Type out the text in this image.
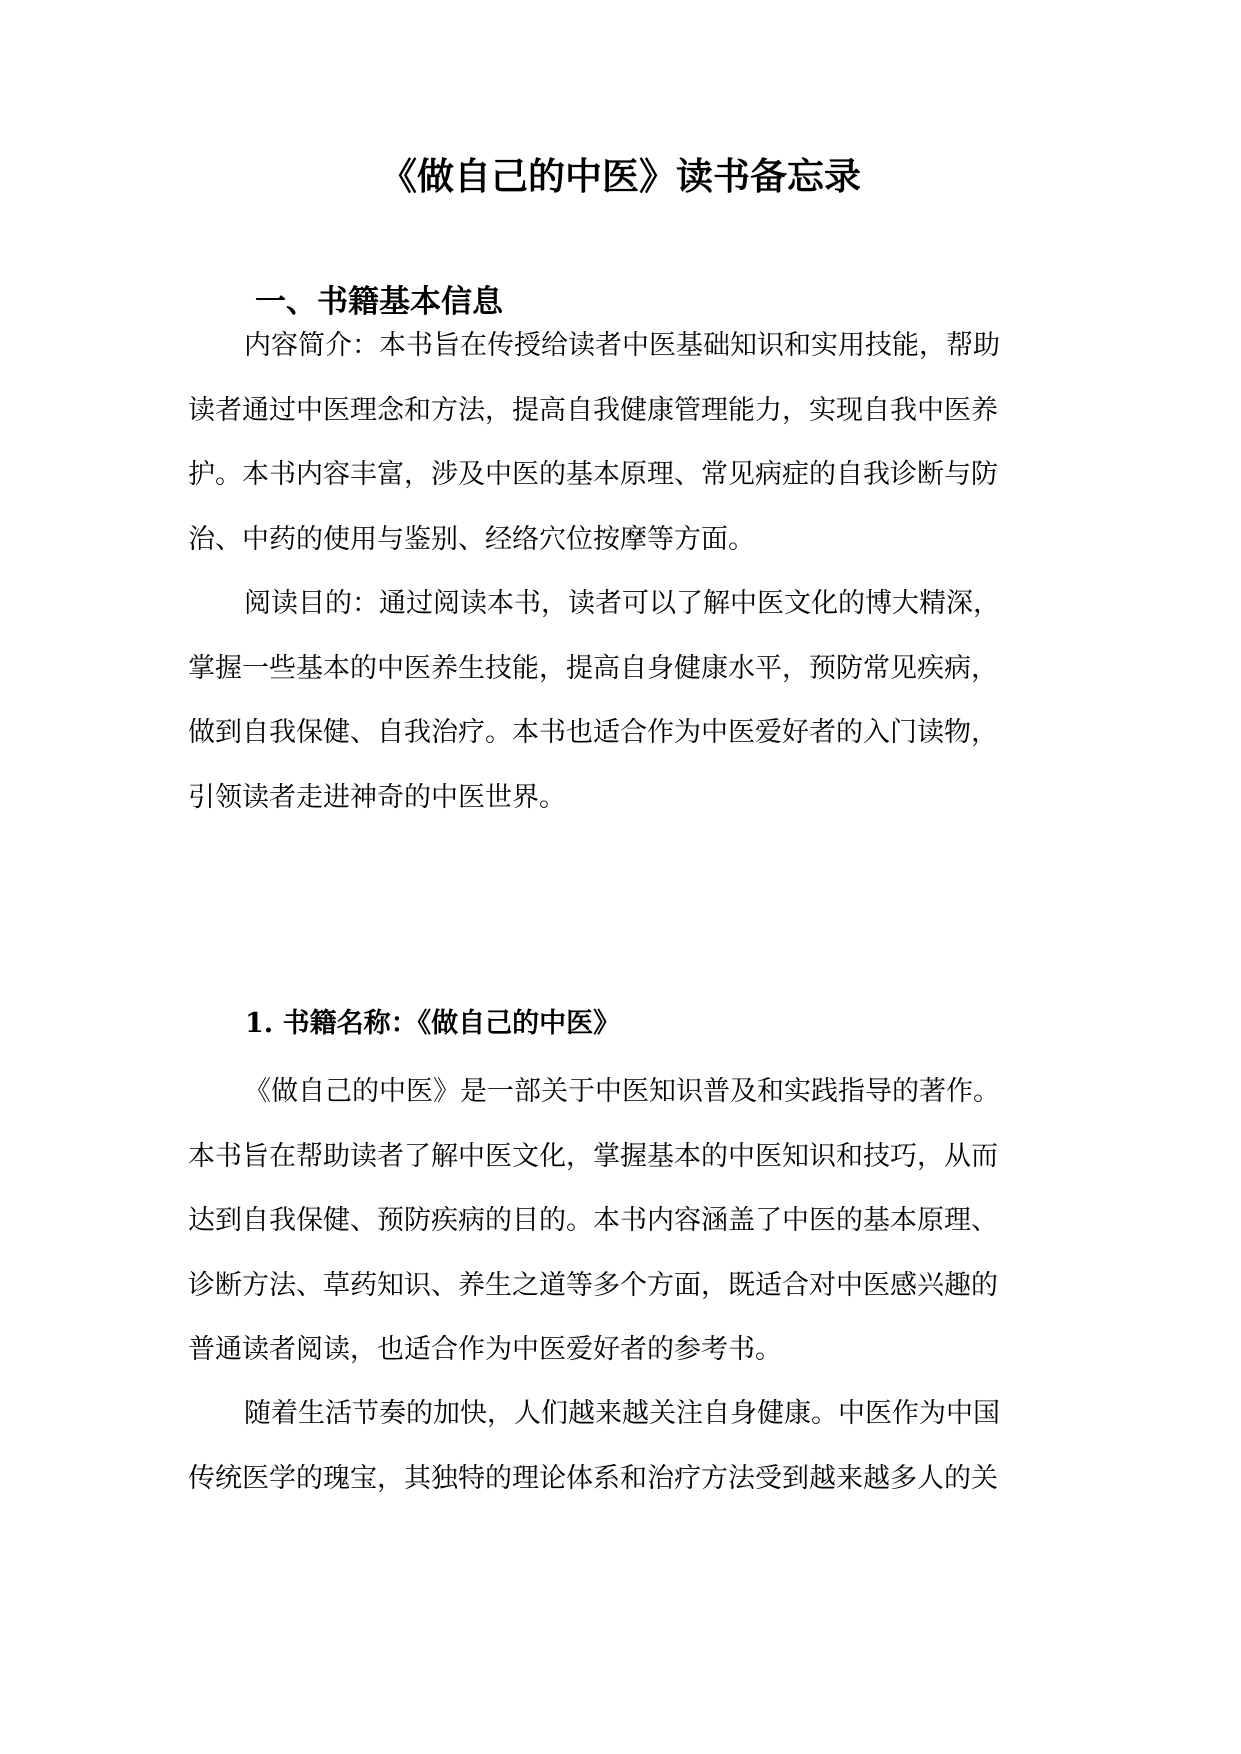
《做自己的中医》读书备忘录
一、书籍基本信息
内容简介：本书旨在传授给读者中医基础知识和实用技能，帮助
读者通过中医理念和方法，提高自我健康管理能力，实现自我中医养
护。本书内容丰富，涉及中医的基本原理、常见病症的自我诊断与防
治、中药的使用与鉴别、经络穴位按摩等方面。
阅读目的：通过阅读本书，读者可以了解中医文化的博大精深，
掌握一些基本的中医养生技能，提高自身健康水平，预防常见疾病，
做到自我保健、自我治疗。本书也适合作为中医爱好者的入门读物，
引领读者走进神奇的中医世界。
1. 书籍名称：《做自己的中医》
《做自己的中医》是一部关于中医知识普及和实践指导的著作。
本书旨在帮助读者了解中医文化，掌握基本的中医知识和技巧，从而
达到自我保健、预防疾病的目的。本书内容涵盖了中医的基本原理、
诊断方法、草药知识、养生之道等多个方面，既适合对中医感兴趣的
普通读者阅读，也适合作为中医爱好者的参考书。
随着生活节奏的加快，人们越来越关注自身健康。中医作为中国
传统医学的瑰宝，其独特的理论体系和治疗方法受到越来越多人的关
